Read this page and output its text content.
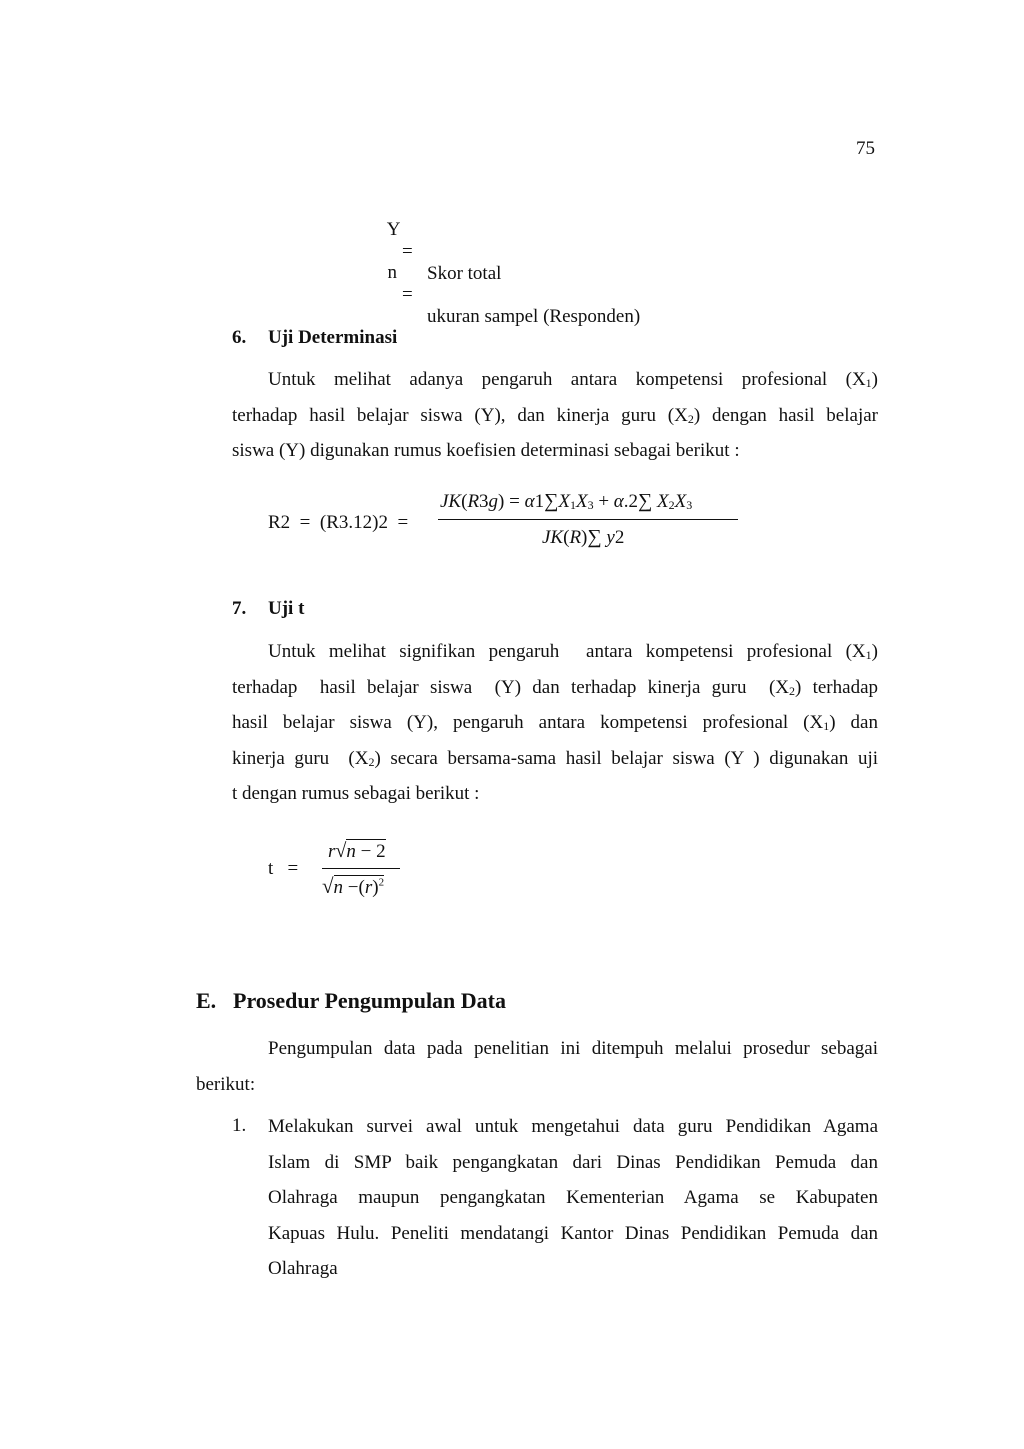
75

Y

=

Skor total

n

=

ukuran sampel (Responden)

6. Uji Determinasi
Untuk melihat adanya pengaruh antara kompetensi profesional $(X_1)$
terhadap hasil belajar siswa (Y), dan kinerja guru $(X_2)$ dengan hasil belajar
siswa (Y) digunakan rumus koefisien determinasi sebagai berikut :
R2  =  (R3.12)2  =
$JK(R3g) = \alpha 1\sum X_1X_3 + \alpha.2\sum$ $X_2X_3$
JK(R)∑ y2
7. Uji t
Untuk melihat signifikan pengaruh  antara kompetensi profesional $(X_1)$
terhadap  hasil belajar siswa  (Y) dan terhadap kinerja guru  $(X_2)$ terhadap
hasil belajar siswa (Y), pengaruh antara kompetensi profesional $(X_1)$ dan
kinerja guru  $(X_2)$ secara bersama-sama hasil belajar siswa (Y ) digunakan uji
t dengan rumus sebagai berikut :
t   =
r√n − 2
$√n -(r)^2$
E. Prosedur Pengumpulan Data
Pengumpulan data pada penelitian ini ditempuh melalui prosedur sebagai
berikut:
1. Melakukan survei awal untuk mengetahui data guru Pendidikan Agama
Islam di SMP baik pengangkatan dari Dinas Pendidikan Pemuda dan
Olahraga maupun pengangkatan Kementerian Agama se Kabupaten
Kapuas Hulu. Peneliti mendatangi Kantor Dinas Pendidikan Pemuda dan
Olahraga
